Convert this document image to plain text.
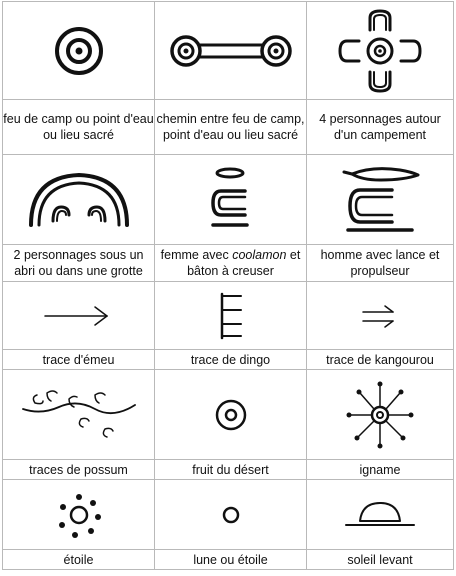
feu de camp ou point d'eau ou lieu sacré	chemin entre feu de camp, point d'eau ou lieu sacré	4 personnages autour d'un campement

2 personnages sous un abri ou dans une grotte	femme avec coolamon et bâton à creuser	homme avec lance et propulseur

trace d'émeu	trace de dingo	trace de kangourou

traces de possum	fruit du désert	igname

étoile	lune ou étoile	soleil levant
